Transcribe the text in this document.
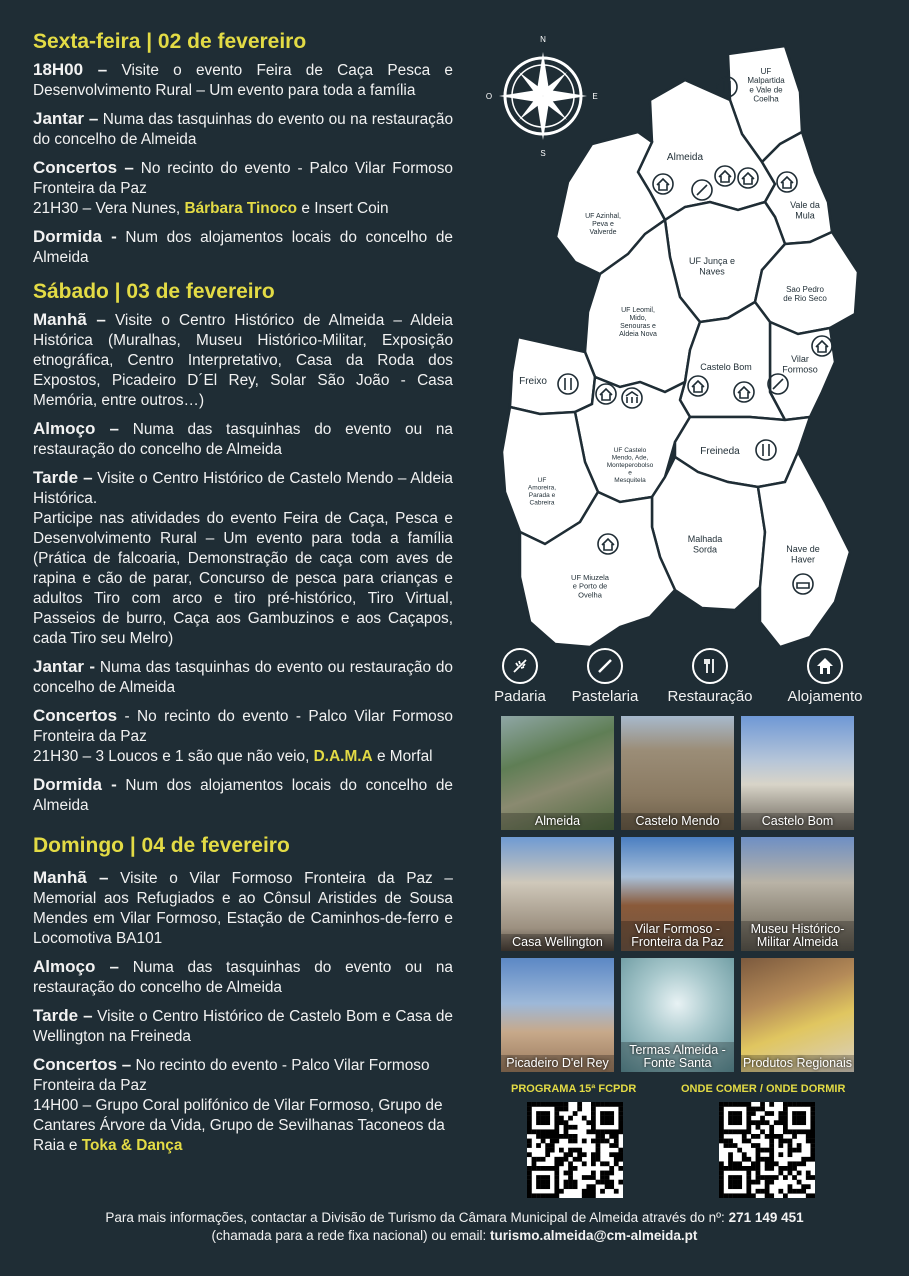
Sexta-feira | 02 de fevereiro

18H00 – Visite o evento Feira de Caça Pesca e Desenvolvimento Rural – Um evento para toda a família

Jantar – Numa das tasquinhas do evento ou na restauração do concelho de Almeida

Concertos – No recinto do evento - Palco Vilar Formoso Fronteira da Paz
21H30 – Vera Nunes, Bárbara Tinoco e Insert Coin

Dormida - Num dos alojamentos locais do concelho de Almeida

Sábado | 03 de fevereiro

Manhã – Visite o Centro Histórico de Almeida – Aldeia Histórica (Muralhas, Museu Histórico-Militar, Exposição etnográfica, Centro Interpretativo, Casa da Roda dos Expostos, Picadeiro D´El Rey, Solar São João - Casa Memória, entre outros…)

Almoço – Numa das tasquinhas do evento ou na restauração do concelho de Almeida

Tarde – Visite o Centro Histórico de Castelo Mendo – Aldeia Histórica.
Participe nas atividades do evento Feira de Caça, Pesca e Desenvolvimento Rural – Um evento para toda a família (Prática de falcoaria, Demonstração de caça com aves de rapina e cão de parar, Concurso de pesca para crianças e adultos Tiro com arco e tiro pré-histórico, Tiro Virtual, Passeios de burro, Caça aos Gambuzinos e aos Caçapos, cada Tiro seu Melro)

Jantar - Numa das tasquinhas do evento ou restauração do concelho de Almeida

Concertos - No recinto do evento - Palco Vilar Formoso Fronteira da Paz
21H30 – 3 Loucos e 1 são que não veio, D.A.M.A e Morfal

Dormida - Num dos alojamentos locais do concelho de Almeida

Domingo | 04 de fevereiro

Manhã – Visite o Vilar Formoso Fronteira da Paz – Memorial aos Refugiados e ao Cônsul Aristides de Sousa Mendes em Vilar Formoso, Estação de Caminhos-de-ferro e Locomotiva BA101

Almoço – Numa das tasquinhas do evento ou na restauração do concelho de Almeida

Tarde – Visite o Centro Histórico de Castelo Bom e Casa de Wellington na Freineda

Concertos – No recinto do evento - Palco Vilar Formoso Fronteira da Paz
14H00 – Grupo Coral polifónico de Vilar Formoso, Grupo de Cantares Árvore da Vida, Grupo de Sevilhanas Taconeos da Raia e Toka & Dança

N
S
E
O
UF Malpartida e Vale de Coelha
Almeida
Vale da Mula
UF Azinhal, Peva e Valverde
UF Junça e Naves
Sao Pedro de Rio Seco
UF Leomil, Mido, Senouras e Aldeia Nova
Vilar Formoso
Freixo
Castelo Bom
UF Castelo Mendo, Ade, Monteperobolso e Mesquitela
Freineda
UF Amoreira, Parada e Cabreira
Malhada Sorda	Nave de Haver
UF Miuzela e Porto de Ovelha
Padaria	Pastelaria	Restauração	Alojamento
Almeida	Castelo Mendo	Castelo Bom
Casa Wellington
Vilar Formoso - Fronteira da Paz
Museu Histórico-Militar Almeida
Picadeiro D'el Rey
Termas Almeida - Fonte Santa	Produtos Regionais
PROGRAMA 15ª FCPDR	ONDE COMER / ONDE DORMIR
Para mais informações, contactar a Divisão de Turismo da Câmara Municipal de Almeida através do nº: 271 149 451
(chamada para a rede fixa nacional) ou email: turismo.almeida@cm-almeida.pt
